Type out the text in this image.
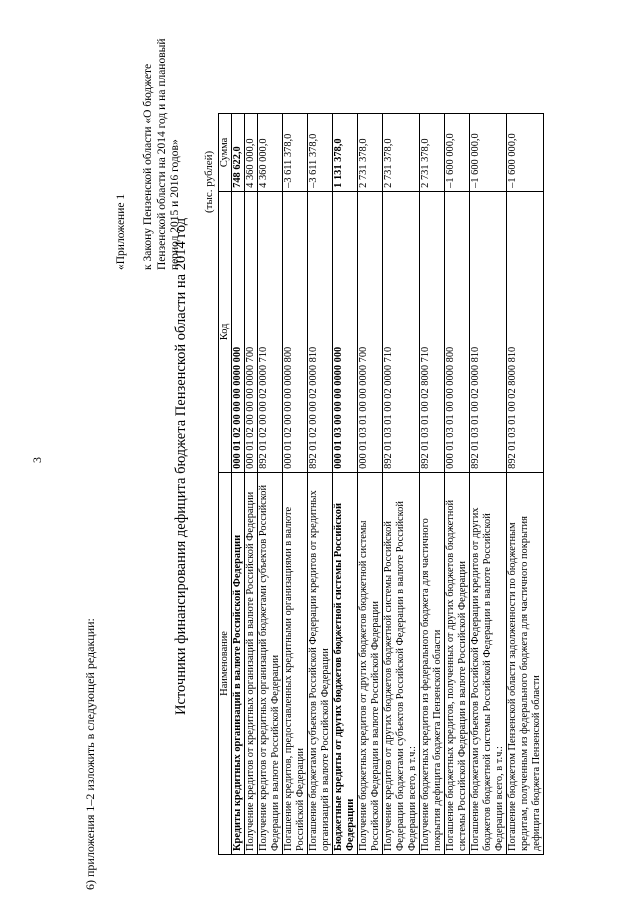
3
6) приложения 1–2 изложить в следующей редакции:
«Приложение 1
к Закону Пензенской области «О бюджете Пензенской области на 2014 год и на плановый период 2015 и 2016 годов»
Источники финансирования дефицита бюджета Пензенской области на 2014 год
(тыс. рублей)
Наименование	Код	Сумма
Кредиты кредитных организаций в валюте Российской Федерации	000 01 02 00 00 00 0000 000	748 622,0
Получение кредитов от кредитных организаций в валюте Российской Федерации	000 01 02 00 00 00 0000 700	4 360 000,0
Получение кредитов от кредитных организаций бюджетами субъектов Российской Федерации в валюте Российской Федерации	892 01 02 00 00 02 0000 710	4 360 000,0
Погашение кредитов, предоставленных кредитными организациями в валюте Российской Федерации	000 01 02 00 00 00 0000 800	–3 611 378,0
Погашение бюджетами субъектов Российской Федерации кредитов от кредитных организаций в валюте Российской Федерации	892 01 02 00 00 02 0000 810	–3 611 378,0
Бюджетные кредиты от других бюджетов бюджетной системы Российской Федерации	000 01 03 00 00 00 0000 000	1 131 378,0
Получение бюджетных кредитов от других бюджетов бюджетной системы Российской Федерации в валюте Российской Федерации	000 01 03 01 00 00 0000 700	2 731 378,0
Получение кредитов от других бюджетов бюджетной системы Российской Федерации бюджетами субъектов Российской Федерации в валюте Российской Федерации всего, в т.ч.:	892 01 03 01 00 02 0000 710	2 731 378,0
Получение бюджетных кредитов из федерального бюджета для частичного покрытия дефицита бюджета Пензенской области	892 01 03 01 00 02 8000 710	2 731 378,0
Погашение бюджетных кредитов, полученных от других бюджетов бюджетной системы Российской Федерации в валюте Российской Федерации	000 01 03 01 00 00 0000 800	–1 600 000,0
Погашение бюджетами субъектов Российской Федерации кредитов от других бюджетов бюджетной системы Российской Федерации в валюте Российской Федерации всего, в т.ч.:	892 01 03 01 00 02 0000 810	–1 600 000,0
Погашение бюджетом Пензенской области задолженности по бюджетным кредитам, полученным из федерального бюджета для частичного покрытия дефицита бюджета Пензенской области	892 01 03 01 00 02 8000 810	–1 600 000,0
